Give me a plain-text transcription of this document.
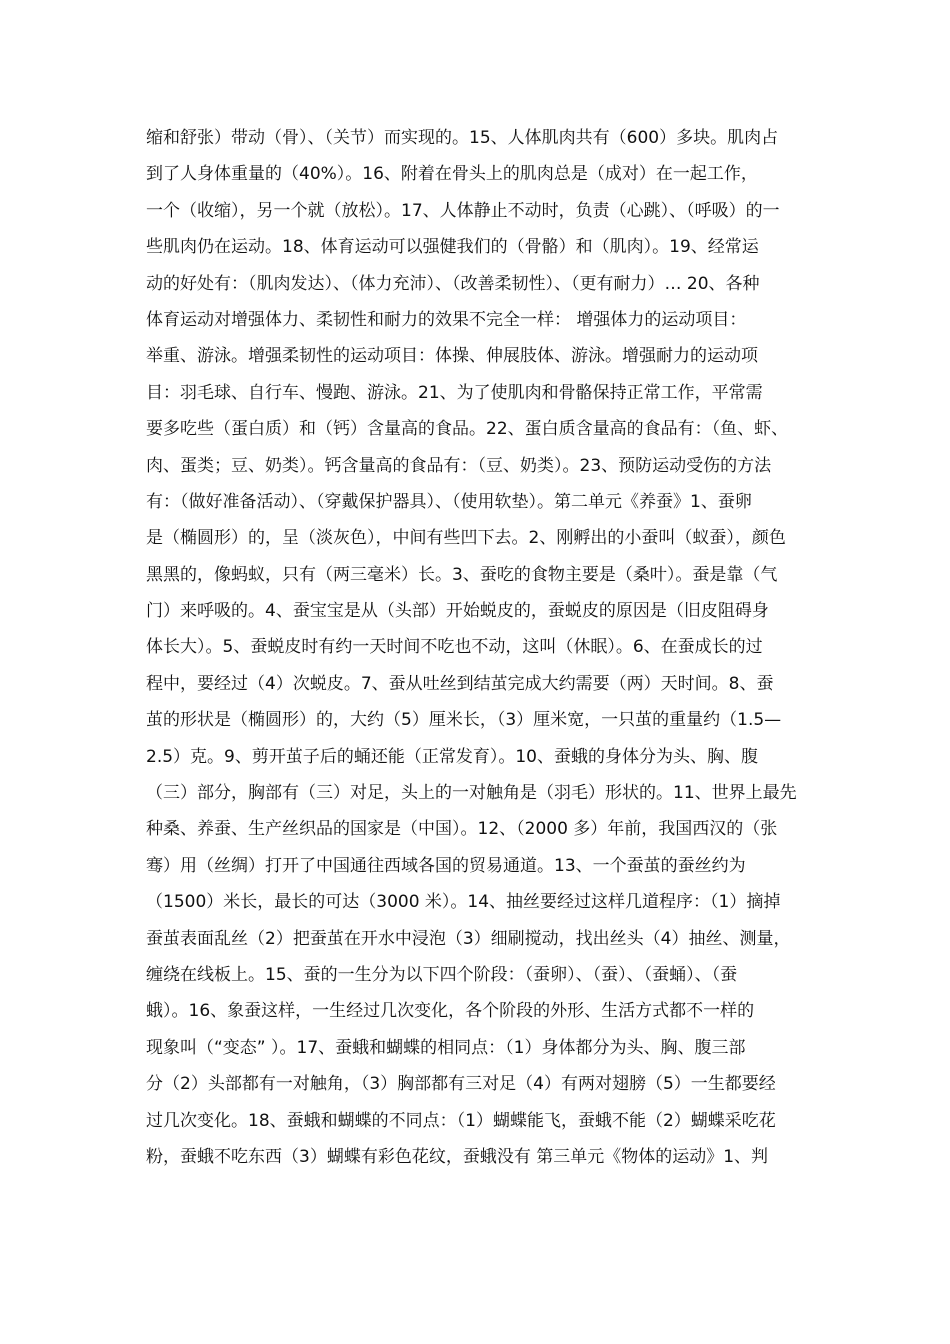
缩和舒张）带动（骨）、（关节）而实现的。15、人体肌肉共有（600）多块。肌肉占
到了人身体重量的（40%）。16、附着在骨头上的肌肉总是（成对）在一起工作，
一个（收缩），另一个就（放松）。17、人体静止不动时，负责（心跳）、（呼吸）的一
些肌肉仍在运动。18、体育运动可以强健我们的（骨骼）和（肌肉）。19、经常运
动的好处有：（肌肉发达）、（体力充沛）、（改善柔韧性）、（更有耐力）… 20、各种
体育运动对增强体力、柔韧性和耐力的效果不完全一样： 增强体力的运动项目：
举重、游泳。增强柔韧性的运动项目：体操、伸展肢体、游泳。增强耐力的运动项
目：羽毛球、自行车、慢跑、游泳。21、为了使肌肉和骨骼保持正常工作，平常需
要多吃些（蛋白质）和（钙）含量高的食品。22、蛋白质含量高的食品有：（鱼、虾、
肉、蛋类；豆、奶类）。钙含量高的食品有：（豆、奶类）。23、预防运动受伤的方法
有：（做好准备活动）、（穿戴保护器具）、（使用软垫）。第二单元《养蚕》1、蚕卵
是（椭圆形）的，呈（淡灰色），中间有些凹下去。2、刚孵出的小蚕叫（蚁蚕），颜色
黑黑的，像蚂蚁，只有（两三毫米）长。3、蚕吃的食物主要是（桑叶）。蚕是靠（气
门）来呼吸的。4、蚕宝宝是从（头部）开始蜕皮的，蚕蜕皮的原因是（旧皮阻碍身
体长大）。5、蚕蜕皮时有约一天时间不吃也不动，这叫（休眠）。6、在蚕成长的过
程中，要经过（4）次蜕皮。7、蚕从吐丝到结茧完成大约需要（两）天时间。8、蚕
茧的形状是（椭圆形）的，大约（5）厘米长，（3）厘米宽，一只茧的重量约（1.5—
2.5）克。9、剪开茧子后的蛹还能（正常发育）。10、蚕蛾的身体分为头、胸、腹
（三）部分，胸部有（三）对足，头上的一对触角是（羽毛）形状的。11、世界上最先
种桑、养蚕、生产丝织品的国家是（中国）。12、（2000 多）年前，我国西汉的（张
骞）用（丝绸）打开了中国通往西域各国的贸易通道。13、一个蚕茧的蚕丝约为
（1500）米长，最长的可达（3000 米）。14、抽丝要经过这样几道程序：（1）摘掉
蚕茧表面乱丝（2）把蚕茧在开水中浸泡（3）细刷搅动，找出丝头（4）抽丝、测量，
缠绕在线板上。15、蚕的一生分为以下四个阶段：（蚕卵）、（蚕）、（蚕蛹）、（蚕
蛾）。16、象蚕这样，一生经过几次变化，各个阶段的外形、生活方式都不一样的
现象叫（“变态” ）。17、蚕蛾和蝴蝶的相同点：（1）身体都分为头、胸、腹三部
分（2）头部都有一对触角，（3）胸部都有三对足（4）有两对翅膀（5）一生都要经
过几次变化。18、蚕蛾和蝴蝶的不同点：（1）蝴蝶能飞，蚕蛾不能（2）蝴蝶采吃花
粉，蚕蛾不吃东西（3）蝴蝶有彩色花纹，蚕蛾没有 第三单元《物体的运动》1、判
